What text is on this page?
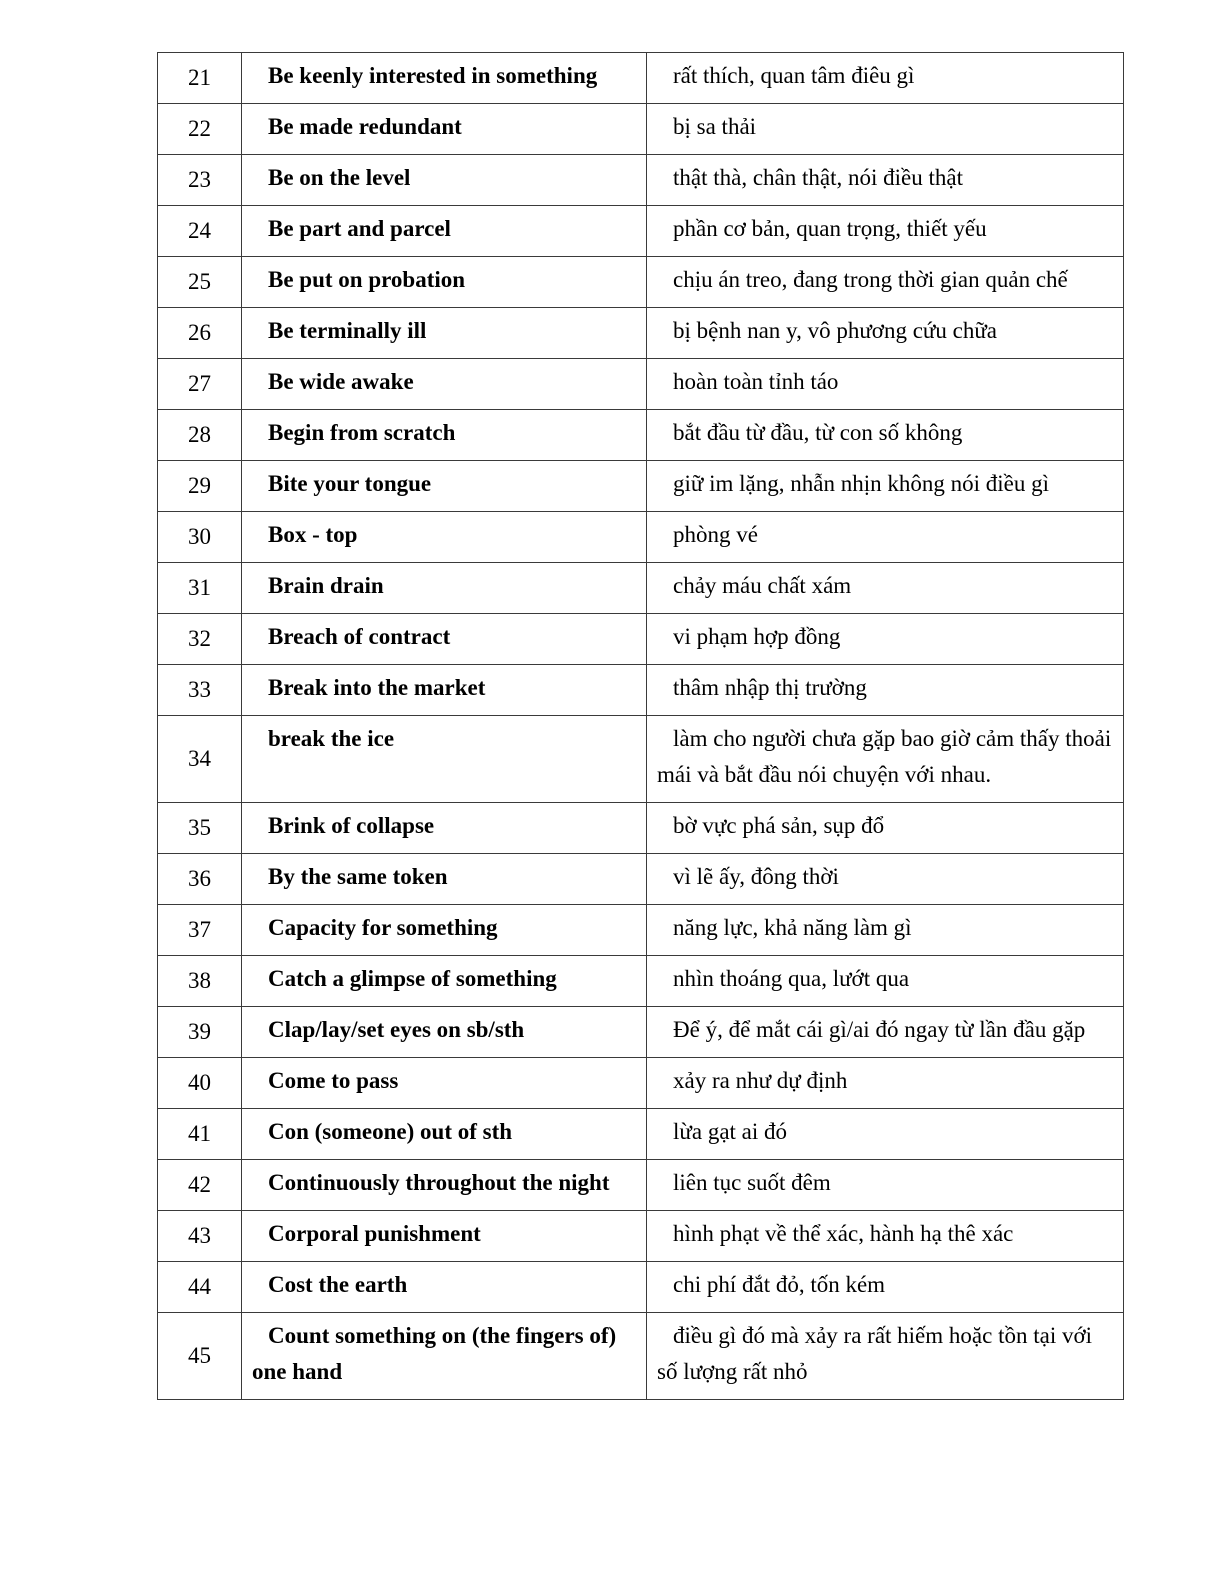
21	Be keenly interested in something	rất thích, quan tâm điêu gì
22	Be made redundant	bị sa thải
23	Be on the level	thật thà, chân thật, nói điều thật
24	Be part and parcel	phần cơ bản, quan trọng, thiết yếu
25	Be put on probation	chịu án treo, đang trong thời gian quản chế
26	Be terminally ill	bị bệnh nan y, vô phương cứu chữa
27	Be wide awake	hoàn toàn tỉnh táo
28	Begin from scratch	bắt đầu từ đầu, từ con số không
29	Bite your tongue	giữ im lặng, nhẫn nhịn không nói điều gì
30	Box - top	phòng vé
31	Brain drain	chảy máu chất xám
32	Breach of contract	vi phạm hợp đồng
33	Break into the market	thâm nhập thị trường
34	break the ice	làm cho người chưa gặp bao giờ cảm thấy thoải mái và bắt đầu nói chuyện với nhau.
35	Brink of collapse	bờ vực phá sản, sụp đổ
36	By the same token	vì lẽ ấy, đông thời
37	Capacity for something	năng lực, khả năng làm gì
38	Catch a glimpse of something	nhìn thoáng qua, lướt qua
39	Clap/lay/set eyes on sb/sth	Để ý, để mắt cái gì/ai đó ngay từ lần đầu gặp
40	Come to pass	xảy ra như dự định
41	Con (someone) out of sth	lừa gạt ai đó
42	Continuously throughout the night	liên tục suốt đêm
43	Corporal punishment	hình phạt về thể xác, hành hạ thê xác
44	Cost the earth	chi phí đắt đỏ, tốn kém
45	Count something on (the fingers of) one hand	điều gì đó mà xảy ra rất hiếm hoặc tồn tại với số lượng rất nhỏ
